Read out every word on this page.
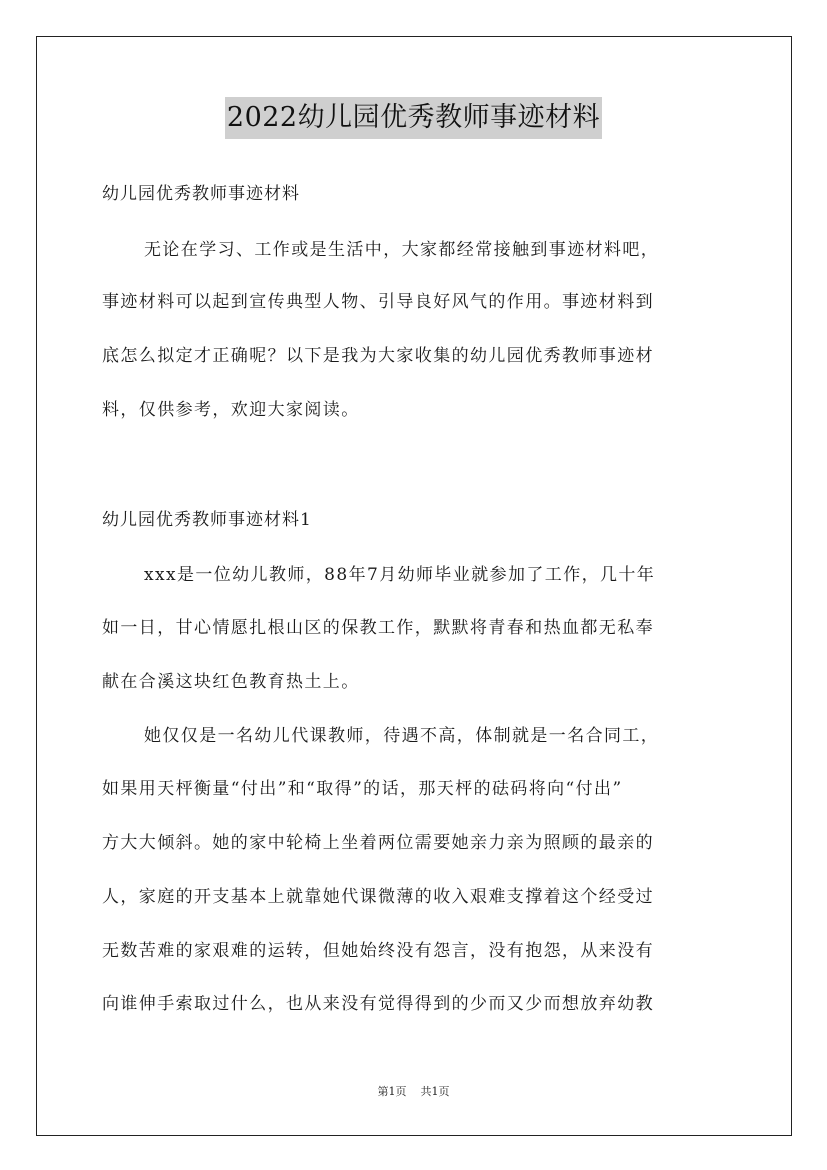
2022幼儿园优秀教师事迹材料
幼儿园优秀教师事迹材料
无论在学习、工作或是生活中，大家都经常接触到事迹材料吧，
事迹材料可以起到宣传典型人物、引导良好风气的作用。事迹材料到
底怎么拟定才正确呢？以下是我为大家收集的幼儿园优秀教师事迹材
料，仅供参考，欢迎大家阅读。
幼儿园优秀教师事迹材料1
xxx是一位幼儿教师，88年7月幼师毕业就参加了工作，几十年
如一日，甘心情愿扎根山区的保教工作，默默将青春和热血都无私奉
献在合溪这块红色教育热土上。
她仅仅是一名幼儿代课教师，待遇不高，体制就是一名合同工，
如果用天枰衡量“付出”和“取得”的话，那天枰的砝码将向“付出”
方大大倾斜。她的家中轮椅上坐着两位需要她亲力亲为照顾的最亲的
人，家庭的开支基本上就靠她代课微薄的收入艰难支撑着这个经受过
无数苦难的家艰难的运转，但她始终没有怨言，没有抱怨，从来没有
向谁伸手索取过什么，也从来没有觉得得到的少而又少而想放弃幼教
第1页 共1页
